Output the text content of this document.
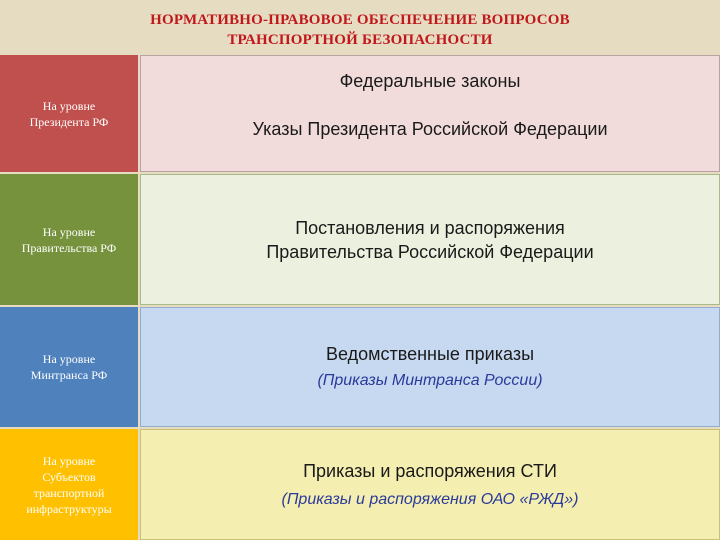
НОРМАТИВНО-ПРАВОВОЕ ОБЕСПЕЧЕНИЕ ВОПРОСОВ
ТРАНСПОРТНОЙ БЕЗОПАСНОСТИ
На уровне
Президента РФ
Федеральные законы
Указы Президента Российской Федерации
На уровне
Правительства РФ
Постановления и распоряжения
Правительства Российской Федерации
На уровне
Минтранса РФ
Ведомственные приказы
(Приказы Минтранса России)
На уровне
Субъектов
транспортной
инфраструктуры
Приказы и распоряжения СТИ
(Приказы и распоряжения ОАО «РЖД»)
